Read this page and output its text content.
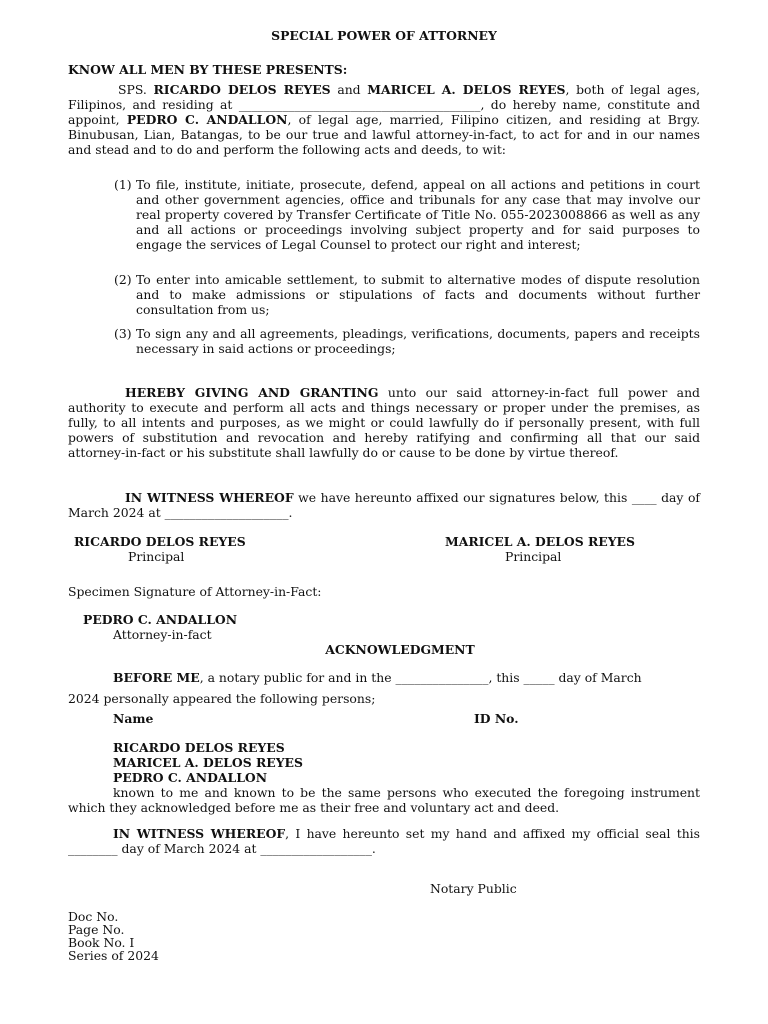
SPECIAL POWER OF ATTORNEY
KNOW ALL MEN BY THESE PRESENTS:
SPS. RICARDO DELOS REYES and MARICEL A. DELOS REYES, both of legal ages, Filipinos, and residing at _______________________________________, do hereby name, constitute and appoint, PEDRO C. ANDALLON, of legal age, married, Filipino citizen, and residing at Brgy. Binubusan, Lian, Batangas, to be our true and lawful attorney-in-fact, to act for and in our names and stead and to do and perform the following acts and deeds, to wit:
(1) To file, institute, initiate, prosecute, defend, appeal on all actions and petitions in court and other government agencies, office and tribunals for any case that may involve our real property covered by Transfer Certificate of Title No. 055-2023008866 as well as any and all actions or proceedings involving subject property and for said purposes to engage the services of Legal Counsel to protect our right and interest;
(2) To enter into amicable settlement, to submit to alternative modes of dispute resolution and to make admissions or stipulations of facts and documents without further consultation from us;
(3) To sign any and all agreements, pleadings, verifications, documents, papers and receipts necessary in said actions or proceedings;
HEREBY GIVING AND GRANTING unto our said attorney-in-fact full power and authority to execute and perform all acts and things necessary or proper under the premises, as fully, to all intents and purposes, as we might or could lawfully do if personally present, with full powers of substitution and revocation and hereby ratifying and confirming all that our said attorney-in-fact or his substitute shall lawfully do or cause to be done by virtue thereof.
IN WITNESS WHEREOF we have hereunto affixed our signatures below, this ____ day of March 2024 at ____________________.
RICARDO DELOS REYES
Principal
MARICEL A. DELOS REYES
Principal
Specimen Signature of Attorney-in-Fact:
PEDRO C. ANDALLON
Attorney-in-fact
ACKNOWLEDGMENT
BEFORE ME, a notary public for and in the _______________, this _____ day of March
2024 personally appeared the following persons;
Name	ID No.
RICARDO DELOS REYES
MARICEL A. DELOS REYES
PEDRO C. ANDALLON
known to me and known to be the same persons who executed the foregoing instrument which they acknowledged before me as their free and voluntary act and deed.
IN WITNESS WHEREOF, I have hereunto set my hand and affixed my official seal this ________ day of March 2024 at __________________.
Notary Public
Doc No.
Page No.
Book No. I
Series of 2024
